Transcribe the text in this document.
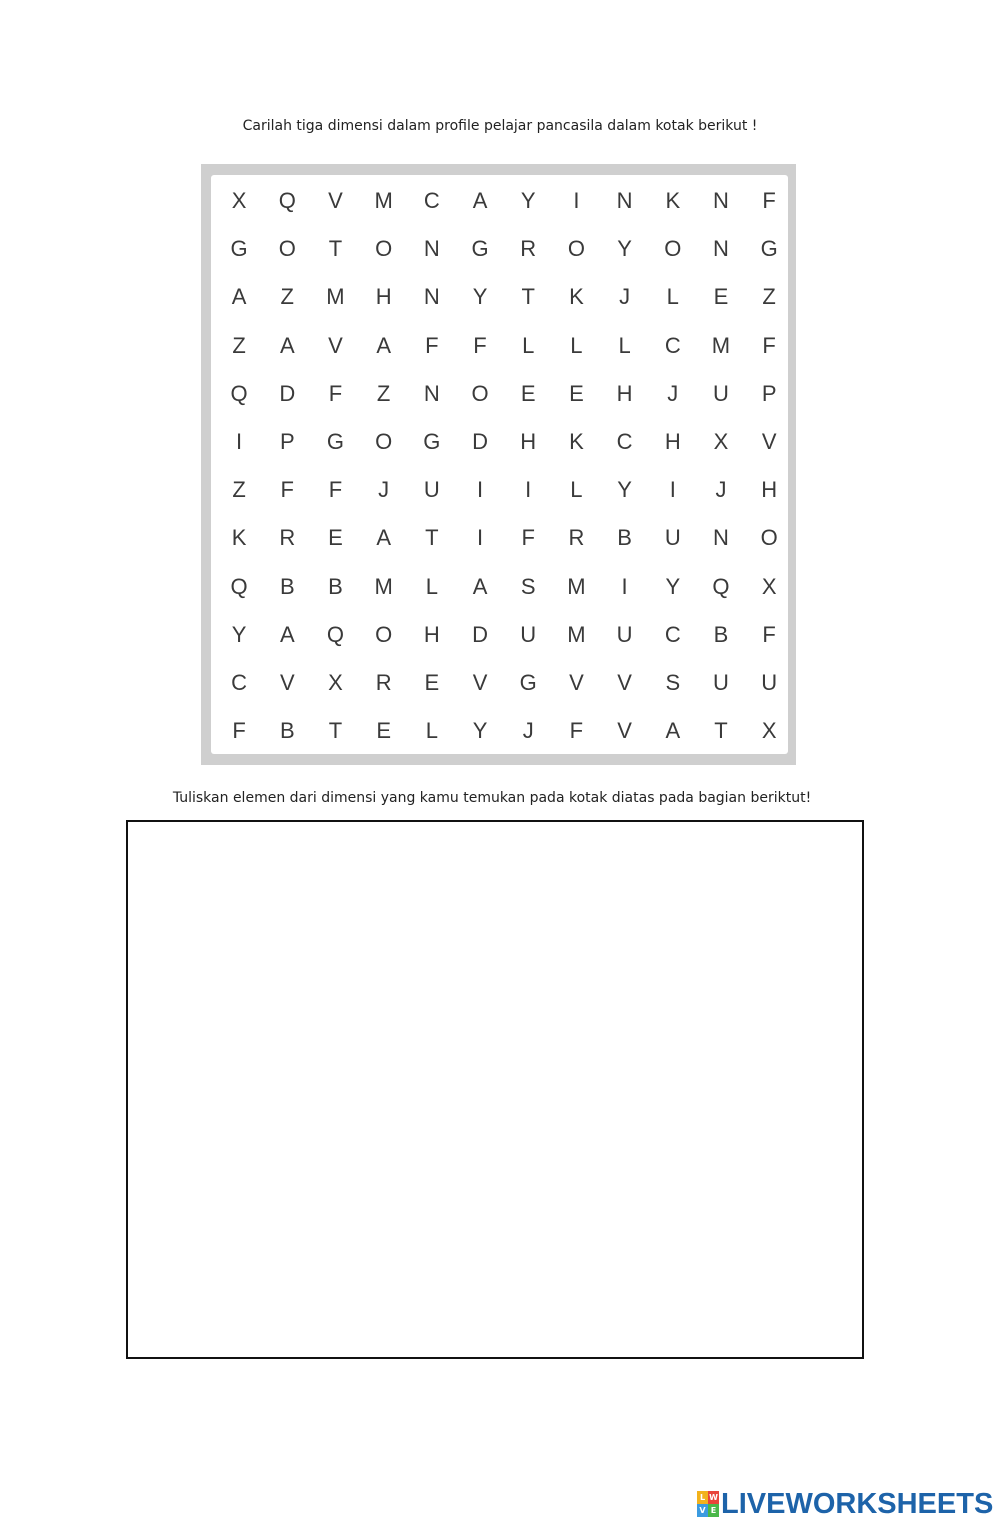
Carilah tiga dimensi dalam profile pelajar pancasila dalam kotak berikut !
X	Q	V	M	C	A	Y	I	N	K	N	F
G	O	T	O	N	G	R	O	Y	O	N	G
A	Z	M	H	N	Y	T	K	J	L	E	Z
Z	A	V	A	F	F	L	L	L	C	M	F
Q	D	F	Z	N	O	E	E	H	J	U	P
I	P	G	O	G	D	H	K	C	H	X	V
Z	F	F	J	U	I	I	L	Y	I	J	H
K	R	E	A	T	I	F	R	B	U	N	O
Q	B	B	M	L	A	S	M	I	Y	Q	X
Y	A	Q	O	H	D	U	M	U	C	B	F
C	V	X	R	E	V	G	V	V	S	U	U
F	B	T	E	L	Y	J	F	V	A	T	X
Tuliskan elemen dari dimensi yang kamu temukan pada kotak diatas pada bagian beriktut!
L W
V E LIVEWORKSHEETS
